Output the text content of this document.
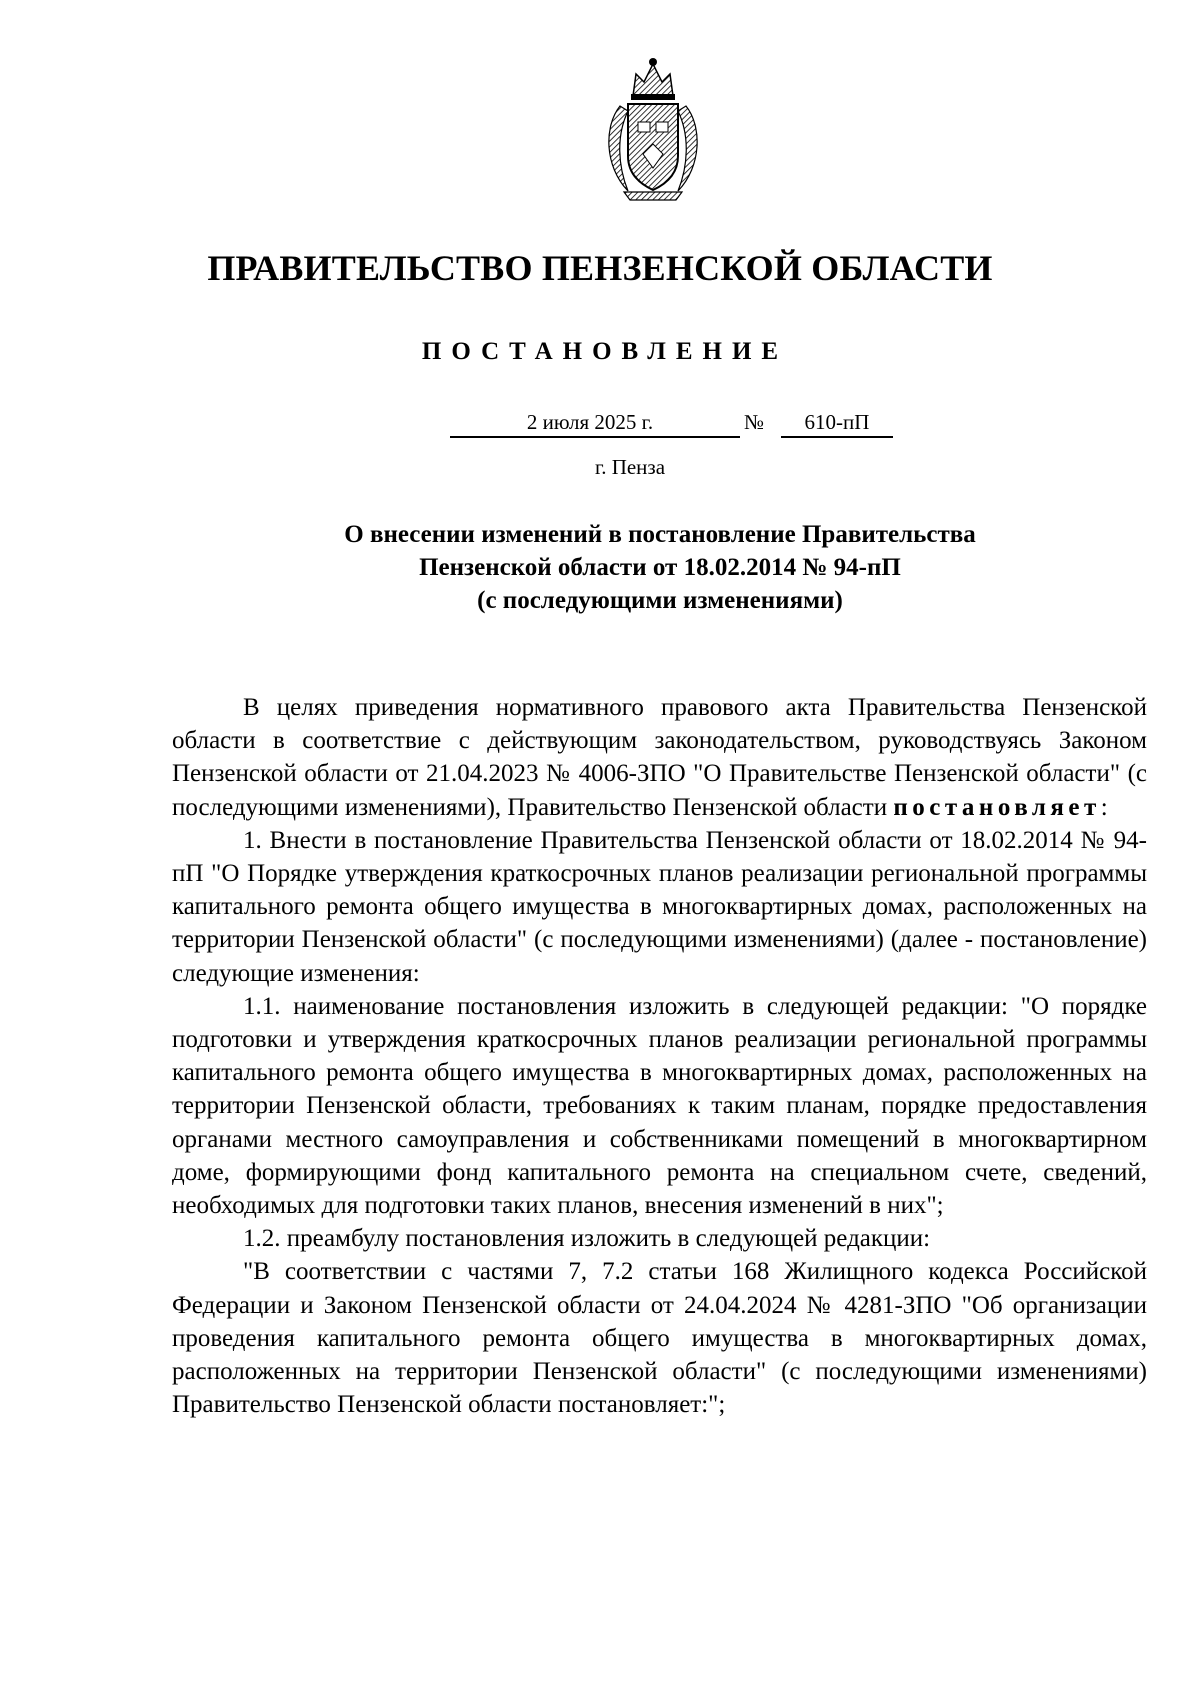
ПРАВИТЕЛЬСТВО ПЕНЗЕНСКОЙ ОБЛАСТИ
ПОСТАНОВЛЕНИЕ
2 июля 2025 г.	№	610-пП
г. Пенза
О внесении изменений в постановление Правительства
Пензенской области от 18.02.2014 № 94-пП
(с последующими изменениями)

В целях приведения нормативного правового акта Правительства Пензенской области в соответствие с действующим законодательством, руководствуясь Законом Пензенской области от 21.04.2023 № 4006-ЗПО "О Правительстве Пензенской области" (с последующими изменениями), Правительство Пензенской области постановляет:

1. Внести в постановление Правительства Пензенской области от 18.02.2014 № 94-пП "О Порядке утверждения краткосрочных планов реализации региональной программы капитального ремонта общего имущества в многоквартирных домах, расположенных на территории Пензенской области" (с последующими изменениями) (далее - постановление) следующие изменения:

1.1. наименование постановления изложить в следующей редакции: "О порядке подготовки и утверждения краткосрочных планов реализации региональной программы капитального ремонта общего имущества в многоквартирных домах, расположенных на территории Пензенской области, требованиях к таким планам, порядке предоставления органами местного самоуправления и собственниками помещений в многоквартирном доме, формирующими фонд капитального ремонта на специальном счете, сведений, необходимых для подготовки таких планов, внесения изменений в них";

1.2. преамбулу постановления изложить в следующей редакции:

"В соответствии с частями 7, 7.2 статьи 168 Жилищного кодекса Российской Федерации и Законом Пензенской области от 24.04.2024 № 4281-ЗПО "Об организации проведения капитального ремонта общего имущества в многоквартирных домах, расположенных на территории Пензенской области" (с последующими изменениями) Правительство Пензенской области постановляет:";
